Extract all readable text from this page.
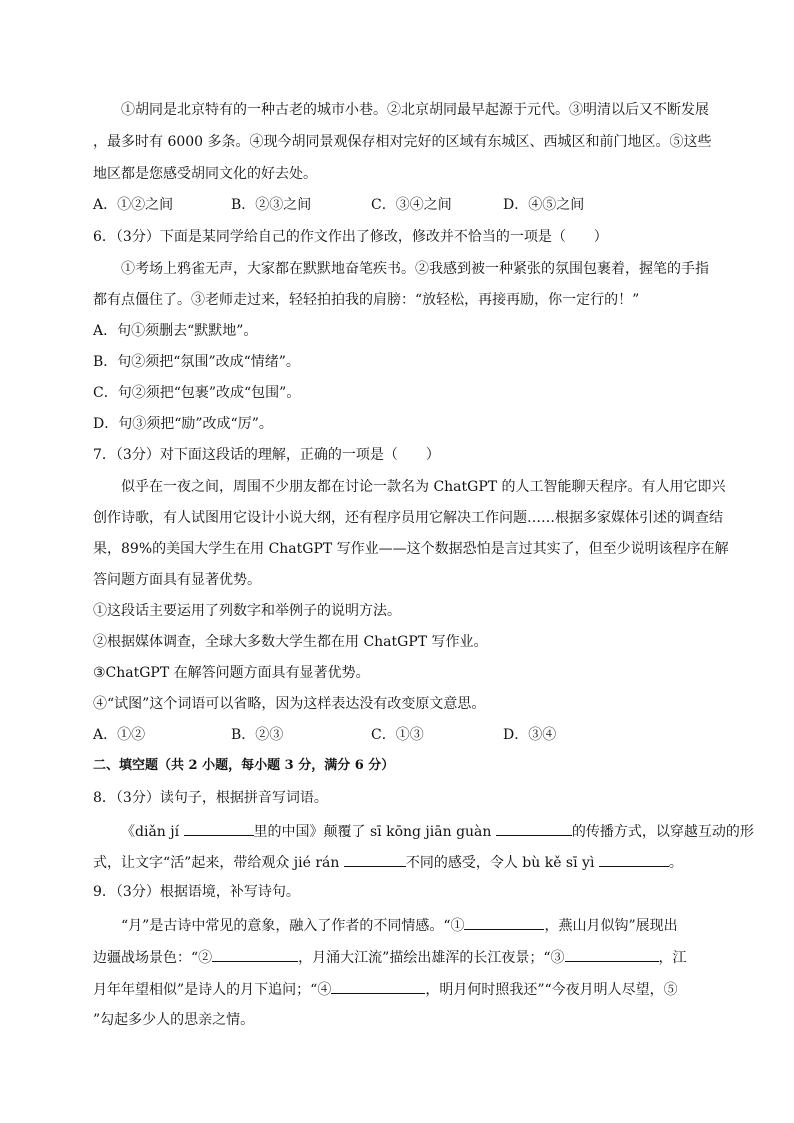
①胡同是北京特有的一种古老的城市小巷。②北京胡同最早起源于元代。③明清以后又不断发展
，最多时有 6000 多条。④现今胡同景观保存相对完好的区域有东城区、西城区和前门地区。⑤这些
地区都是您感受胡同文化的好去处。
A．①②之间	B．②③之间	C．③④之间	D．④⑤之间
6．（3分）下面是某同学给自己的作文作出了修改，修改并不恰当的一项是（　　）
①考场上鸦雀无声，大家都在默默地奋笔疾书。②我感到被一种紧张的氛围包裹着，握笔的手指
都有点僵住了。③老师走过来，轻轻拍拍我的肩膀：“放轻松，再接再励，你一定行的！”
A．句①须删去“默默地”。
B．句②须把“氛围”改成“情绪”。
C．句②须把“包裹”改成“包围”。
D．句③须把“励”改成“厉”。
7．（3分）对下面这段话的理解，正确的一项是（　　）
似乎在一夜之间，周围不少朋友都在讨论一款名为 ChatGPT 的人工智能聊天程序。有人用它即兴
创作诗歌，有人试图用它设计小说大纲，还有程序员用它解决工作问题……根据多家媒体引述的调查结
果，89%的美国大学生在用 ChatGPT 写作业——这个数据恐怕是言过其实了，但至少说明该程序在解
答问题方面具有显著优势。
①这段话主要运用了列数字和举例子的说明方法。
②根据媒体调查，全球大多数大学生都在用 ChatGPT 写作业。
③ChatGPT 在解答问题方面具有显著优势。
④“试图”这个词语可以省略，因为这样表达没有改变原文意思。
A．①②	B．②③	C．①③	D．③④
二、填空题（共 2 小题，每小题 3 分，满分 6 分）
8．（3分）读句子，根据拼音写词语。
《diǎn jí	里的中国》颠覆了 sī kōng jiān guàn	的传播方式，以穿越互动的形
式，让文字“活”起来，带给观众 jié rán	不同的感受，令人 bù kě sī yì	。
9．（3分）根据语境，补写诗句。
“月”是古诗中常见的意象，融入了作者的不同情感。“①	，燕山月似钩”展现出
边疆战场景色：“②	，月涌大江流”描绘出雄浑的长江夜景；“③	，江
月年年望相似”是诗人的月下追问；“④	，明月何时照我还”“今夜月明人尽望，⑤
”勾起多少人的思亲之情。
